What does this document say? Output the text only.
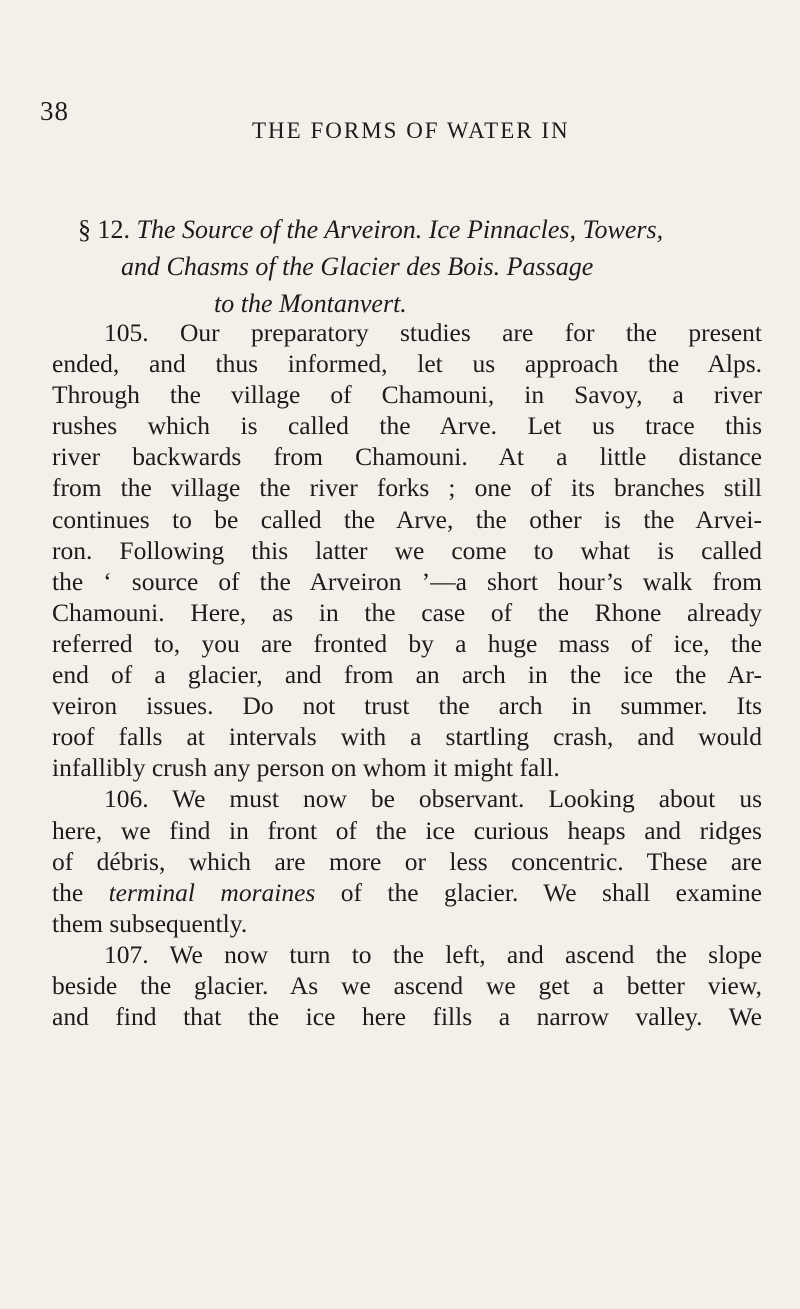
38
THE FORMS OF WATER IN
§ 12. The Source of the Arveiron. Ice Pinnacles, Towers,
and Chasms of the Glacier des Bois. Passage
to the Montanvert.
105. Our preparatory studies are for the present
ended, and thus informed, let us approach the Alps.
Through the village of Chamouni, in Savoy, a river
rushes which is called the Arve. Let us trace this
river backwards from Chamouni. At a little distance
from the village the river forks ; one of its branches still
continues to be called the Arve, the other is the Arvei-
ron. Following this latter we come to what is called
the ‘ source of the Arveiron ’—a short hour’s walk from
Chamouni. Here, as in the case of the Rhone already
referred to, you are fronted by a huge mass of ice, the
end of a glacier, and from an arch in the ice the Ar-
veiron issues. Do not trust the arch in summer. Its
roof falls at intervals with a startling crash, and would
infallibly crush any person on whom it might fall.
106. We must now be observant. Looking about us
here, we find in front of the ice curious heaps and ridges
of débris, which are more or less concentric. These are
the terminal moraines of the glacier. We shall examine
them subsequently.
107. We now turn to the left, and ascend the slope
beside the glacier. As we ascend we get a better view,
and find that the ice here fills a narrow valley. We
